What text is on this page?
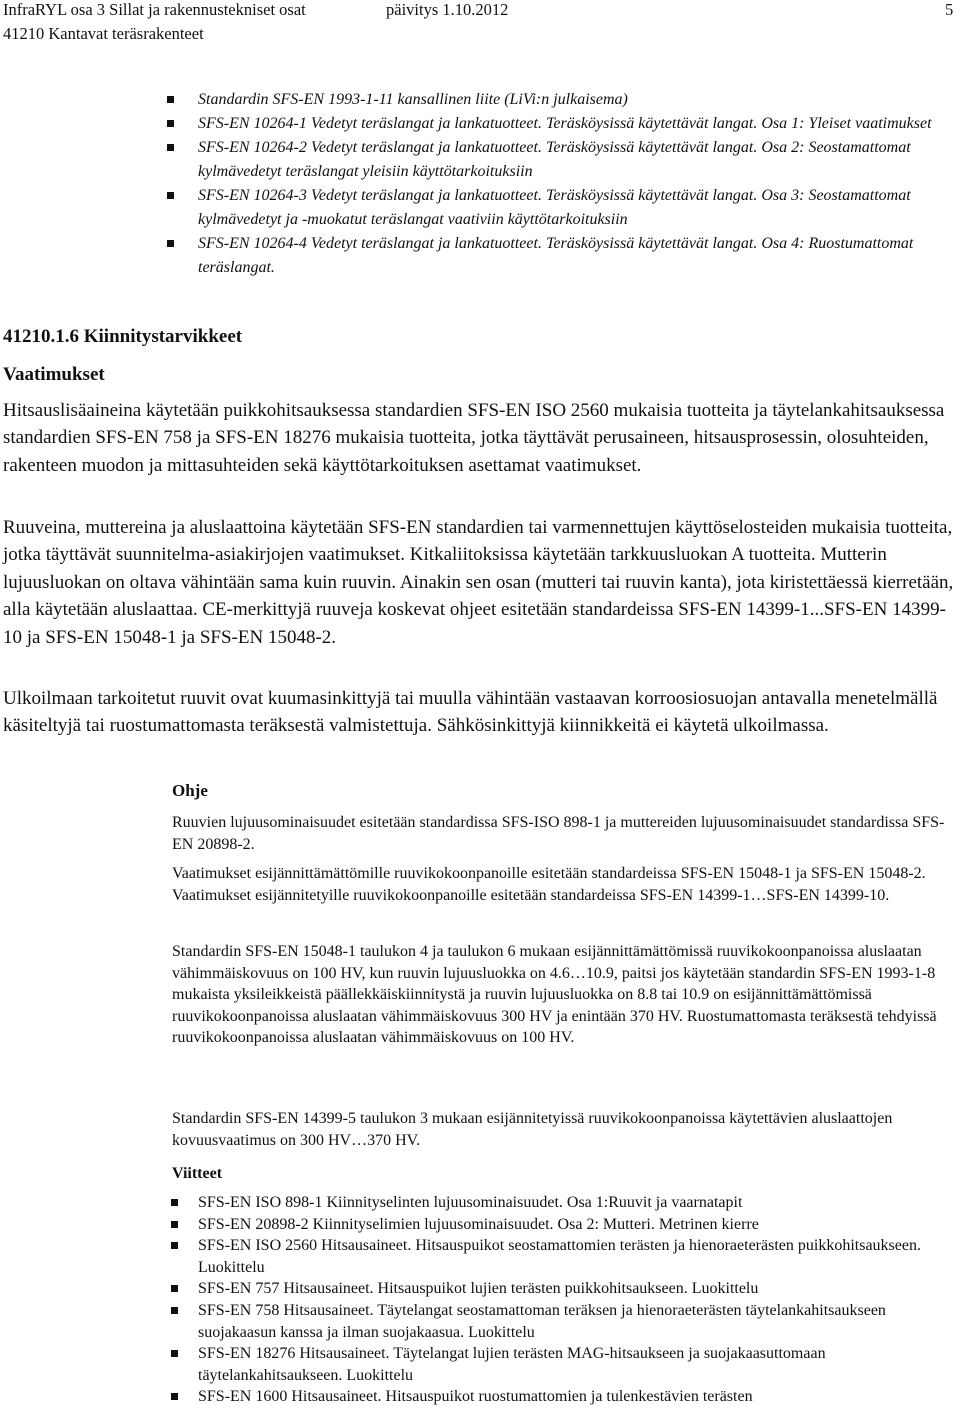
InfraRYL osa 3 Sillat ja rakennustekniset osat	päivitys 1.10.2012	5
41210 Kantavat teräsrakenteet
Standardin SFS-EN 1993-1-11 kansallinen liite (LiVi:n julkaisema)
SFS-EN 10264-1 Vedetyt teräslangat ja lankatuotteet. Teräsköysissä käytettävät langat. Osa 1: Yleiset vaatimukset
SFS-EN 10264-2 Vedetyt teräslangat ja lankatuotteet. Teräsköysissä käytettävät langat. Osa 2: Seostamattomat kylmävedetyt teräslangat yleisiin käyttötarkoituksiin
SFS-EN 10264-3 Vedetyt teräslangat ja lankatuotteet. Teräsköysissä käytettävät langat. Osa 3: Seostamattomat kylmävedetyt ja -muokatut teräslangat vaativiin käyttötarkoituksiin
SFS-EN 10264-4 Vedetyt teräslangat ja lankatuotteet. Teräsköysissä käytettävät langat. Osa 4: Ruostumattomat teräslangat.
41210.1.6 Kiinnitystarvikkeet
Vaatimukset
Hitsauslisäaineina käytetään puikkohitsauksessa standardien SFS-EN ISO 2560 mukaisia tuotteita ja täytelankahitsauksessa standardien SFS-EN 758 ja SFS-EN 18276 mukaisia tuotteita, jotka täyttävät perusaineen, hitsausprosessin, olosuhteiden, rakenteen muodon ja mittasuhteiden sekä käyttötarkoituksen asettamat vaatimukset.
Ruuveina, muttereina ja aluslaattoina käytetään SFS-EN standardien tai varmennettujen käyttöselosteiden mukaisia tuotteita, jotka täyttävät suunnitelma-asiakirjojen vaatimukset. Kitkaliitoksissa käytetään tarkkuusluokan A tuotteita. Mutterin lujuusluokan on oltava vähintään sama kuin ruuvin. Ainakin sen osan (mutteri tai ruuvin kanta), jota kiristettäessä kierretään, alla käytetään aluslaattaa. CE-merkittyjä ruuveja koskevat ohjeet esitetään standardeissa SFS-EN 14399-1...SFS-EN 14399-10 ja SFS-EN 15048-1 ja SFS-EN 15048-2.
Ulkoilmaan tarkoitetut ruuvit ovat kuumasinkittyjä tai muulla vähintään vastaavan korroosiosuojan antavalla menetelmällä käsiteltyjä tai ruostumattomasta teräksestä valmistettuja. Sähkösinkittyjä kiinnikkeitä ei käytetä ulkoilmassa.
Ohje
Ruuvien lujuusominaisuudet esitetään standardissa SFS-ISO 898-1 ja muttereiden lujuusominaisuudet standardissa SFS-EN 20898-2.
Vaatimukset esijännittämättömille ruuvikokoonpanoille esitetään standardeissa SFS-EN 15048-1 ja SFS-EN 15048-2. Vaatimukset esijännitetyille ruuvikokoonpanoille esitetään standardeissa SFS-EN 14399-1…SFS-EN 14399-10.
Standardin SFS-EN 15048-1 taulukon 4 ja taulukon 6 mukaan esijännittämättömissä ruuvikokoonpanoissa aluslaatan vähimmäiskovuus on 100 HV, kun ruuvin lujuusluokka on 4.6…10.9, paitsi jos käytetään standardin SFS-EN 1993-1-8 mukaista yksileikkeistä päällekkäiskiinnitystä ja ruuvin lujuusluokka on 8.8 tai 10.9 on esijännittämättömissä ruuvikokoonpanoissa aluslaatan vähimmäiskovuus 300 HV ja enintään 370 HV. Ruostumattomasta teräksestä tehdyissä ruuvikokoonpanoissa aluslaatan vähimmäiskovuus on 100 HV.
Standardin SFS-EN 14399-5 taulukon 3 mukaan esijännitetyissä ruuvikokoonpanoissa käytettävien aluslaattojen kovuusvaatimus on 300 HV…370 HV.
Viitteet
SFS-EN ISO 898-1 Kiinnityselinten lujuusominaisuudet. Osa 1:Ruuvit ja vaarnatapit
SFS-EN 20898-2 Kiinnityselimien lujuusominaisuudet. Osa 2: Mutteri. Metrinen kierre
SFS-EN ISO 2560 Hitsausaineet. Hitsauspuikot seostamattomien terästen ja hienoraeterästen puikkohitsaukseen. Luokittelu
SFS-EN 757 Hitsausaineet. Hitsauspuikot lujien terästen puikkohitsaukseen. Luokittelu
SFS-EN 758 Hitsausaineet. Täytelangat seostamattoman teräksen ja hienoraeterästen täytelankahitsaukseen suojakaasun kanssa ja ilman suojakaasua. Luokittelu
SFS-EN 18276 Hitsausaineet. Täytelangat lujien terästen MAG-hitsaukseen ja suojakaasuttomaan täytelankahitsaukseen. Luokittelu
SFS-EN 1600 Hitsausaineet. Hitsauspuikot ruostumattomien ja tulenkestävien terästen
